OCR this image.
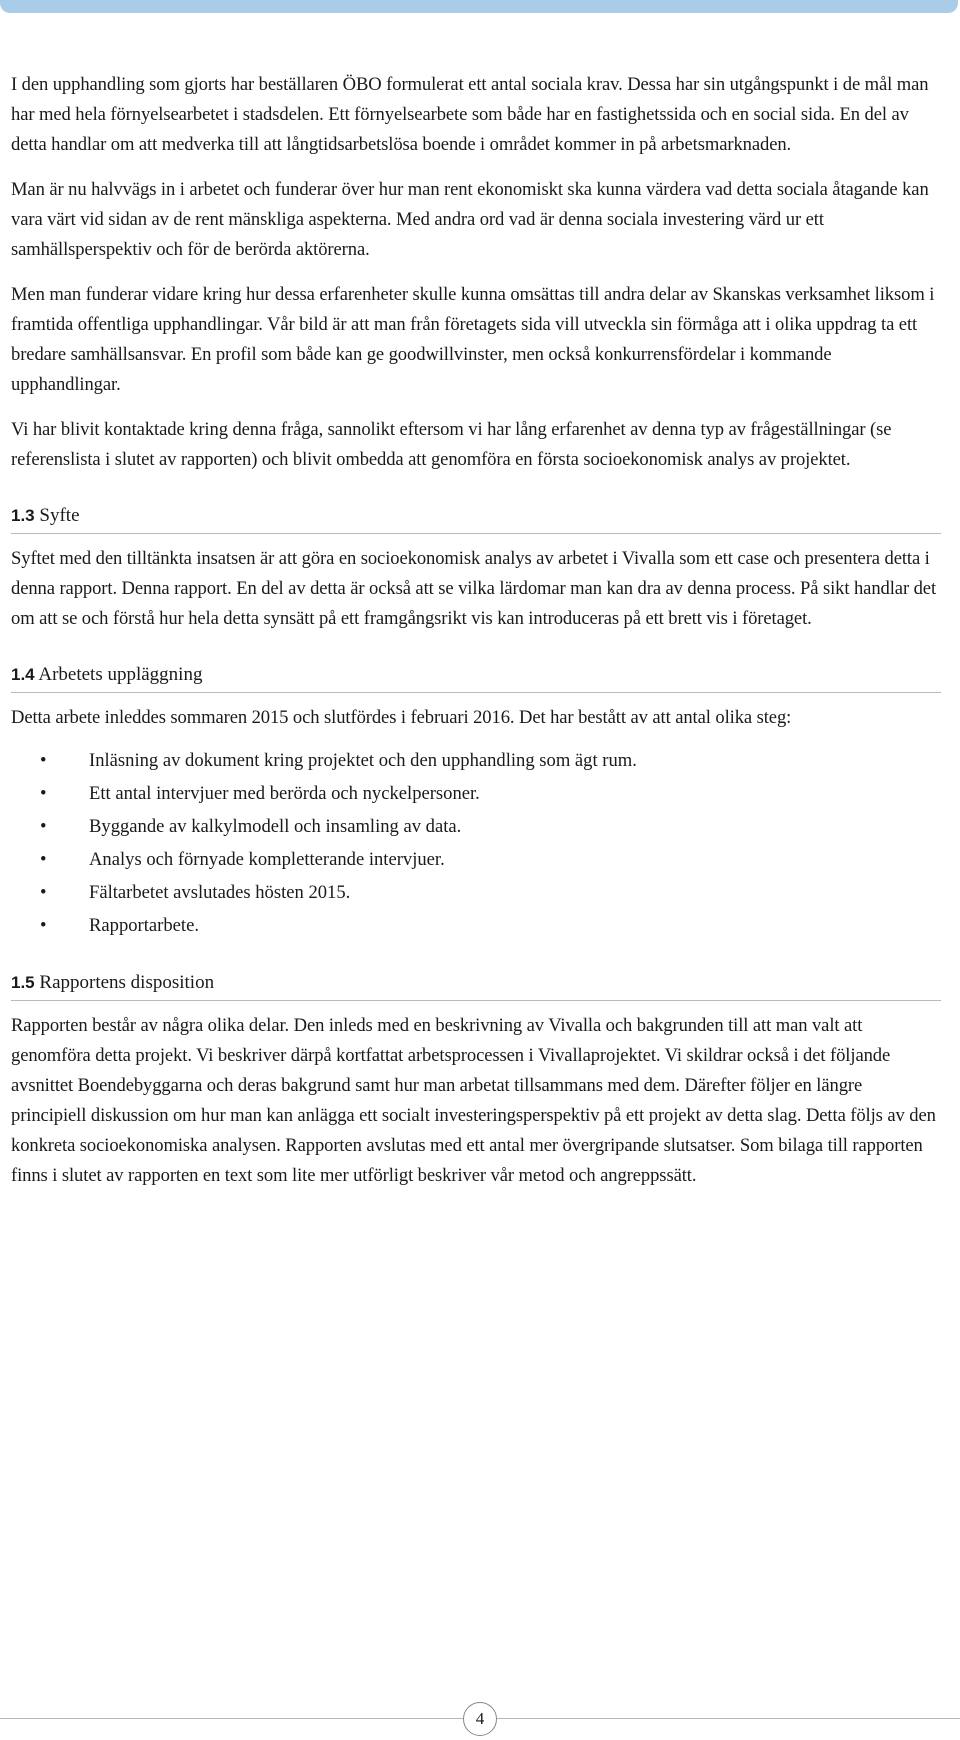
I den upphandling som gjorts har beställaren ÖBO formulerat ett antal sociala krav. Dessa har sin utgångspunkt i de mål man har med hela förnyelsearbetet i stadsdelen. Ett förnyelsearbete som både har en fastighetssida och en social sida. En del av detta handlar om att medverka till att långtidsarbetslösa boende i området kommer in på arbetsmarknaden.

Man är nu halvvägs in i arbetet och funderar över hur man rent ekonomiskt ska kunna värdera vad detta sociala åtagande kan vara värt vid sidan av de rent mänskliga aspekterna. Med andra ord vad är denna sociala investering värd ur ett samhällsperspektiv och för de berörda aktörerna.

Men man funderar vidare kring hur dessa erfarenheter skulle kunna omsättas till andra delar av Skanskas verksamhet liksom i framtida offentliga upphandlingar. Vår bild är att man från företagets sida vill utveckla sin förmåga att i olika uppdrag ta ett bredare samhällsansvar. En profil som både kan ge goodwillvinster, men också konkurrensfördelar i kommande upphandlingar.

Vi har blivit kontaktade kring denna fråga, sannolikt eftersom vi har lång erfarenhet av denna typ av frågeställningar (se referenslista i slutet av rapporten) och blivit ombedda att genomföra en första socioekonomisk analys av projektet.

1.3 Syfte

Syftet med den tilltänkta insatsen är att göra en socioekonomisk analys av arbetet i Vivalla som ett case och presentera detta i denna rapport. Denna rapport. En del av detta är också att se vilka lärdomar man kan dra av denna process. På sikt handlar det om att se och förstå hur hela detta synsätt på ett framgångsrikt vis kan introduceras på ett brett vis i företaget.

1.4 Arbetets uppläggning

Detta arbete inleddes sommaren 2015 och slutfördes i februari 2016. Det har bestått av att antal olika steg:

• Inläsning av dokument kring projektet och den upphandling som ägt rum.
• Ett antal intervjuer med berörda och nyckelpersoner.
• Byggande av kalkylmodell och insamling av data.
• Analys och förnyade kompletterande intervjuer.
• Fältarbetet avslutades hösten 2015.
• Rapportarbete.
1.5 Rapportens disposition

Rapporten består av några olika delar. Den inleds med en beskrivning av Vivalla och bakgrunden till att man valt att genomföra detta projekt. Vi beskriver därpå kortfattat arbetsprocessen i Vivallaprojektet. Vi skildrar också i det följande avsnittet Boendebyggarna och deras bakgrund samt hur man arbetat tillsammans med dem. Därefter följer en längre principiell diskussion om hur man kan anlägga ett socialt investeringsperspektiv på ett projekt av detta slag. Detta följs av den konkreta socioekonomiska analysen. Rapporten avslutas med ett antal mer övergripande slutsatser. Som bilaga till rapporten finns i slutet av rapporten en text som lite mer utförligt beskriver vår metod och angreppssätt.

4
